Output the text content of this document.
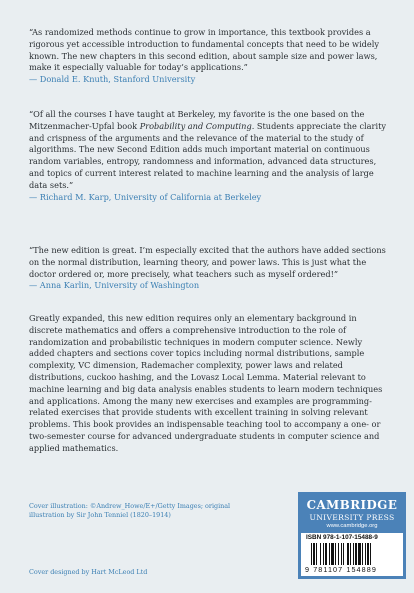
“As randomized methods continue to grow in importance, this textbook provides a rigorous yet accessible introduction to fundamental concepts that need to be widely known. The new chapters in this second edition, about sample size and power laws, make it especially valuable for today’s applications.”

— Donald E. Knuth, Stanford University

“Of all the courses I have taught at Berkeley, my favorite is the one based on the Mitzenmacher-Upfal book Probability and Computing. Students appreciate the clarity and crispness of the arguments and the relevance of the material to the study of algorithms. The new Second Edition adds much important material on continuous random variables, entropy, randomness and information, advanced data structures, and topics of current interest related to machine learning and the analysis of large data sets.”

— Richard M. Karp, University of California at Berkeley

“The new edition is great. I’m especially excited that the authors have added sections on the normal distribution, learning theory, and power laws. This is just what the doctor ordered or, more precisely, what teachers such as myself ordered!”

— Anna Karlin, University of Washington

Greatly expanded, this new edition requires only an elementary background in discrete mathematics and offers a comprehensive introduction to the role of randomization and probabilistic techniques in modern computer science. Newly added chapters and sections cover topics including normal distributions, sample complexity, VC dimension, Rademacher complexity, power laws and related distributions, cuckoo hashing, and the Lovasz Local Lemma. Material relevant to machine learning and big data analysis enables students to learn modern techniques and applications. Among the many new exercises and examples are programming-related exercises that provide students with excellent training in solving relevant problems. This book provides an indispensable teaching tool to accompany a one- or two-semester course for advanced undergraduate students in computer science and applied mathematics.

Cover illustration: ©Andrew_Howe/E+/Getty Images; original illustration by Sir John Tenniel (1820–1914)
Cover designed by Hart McLeod Ltd
CAMBRIDGE
UNIVERSITY PRESS
www.cambridge.org
ISBN 978-1-107-15488-9
9 781107 154889
